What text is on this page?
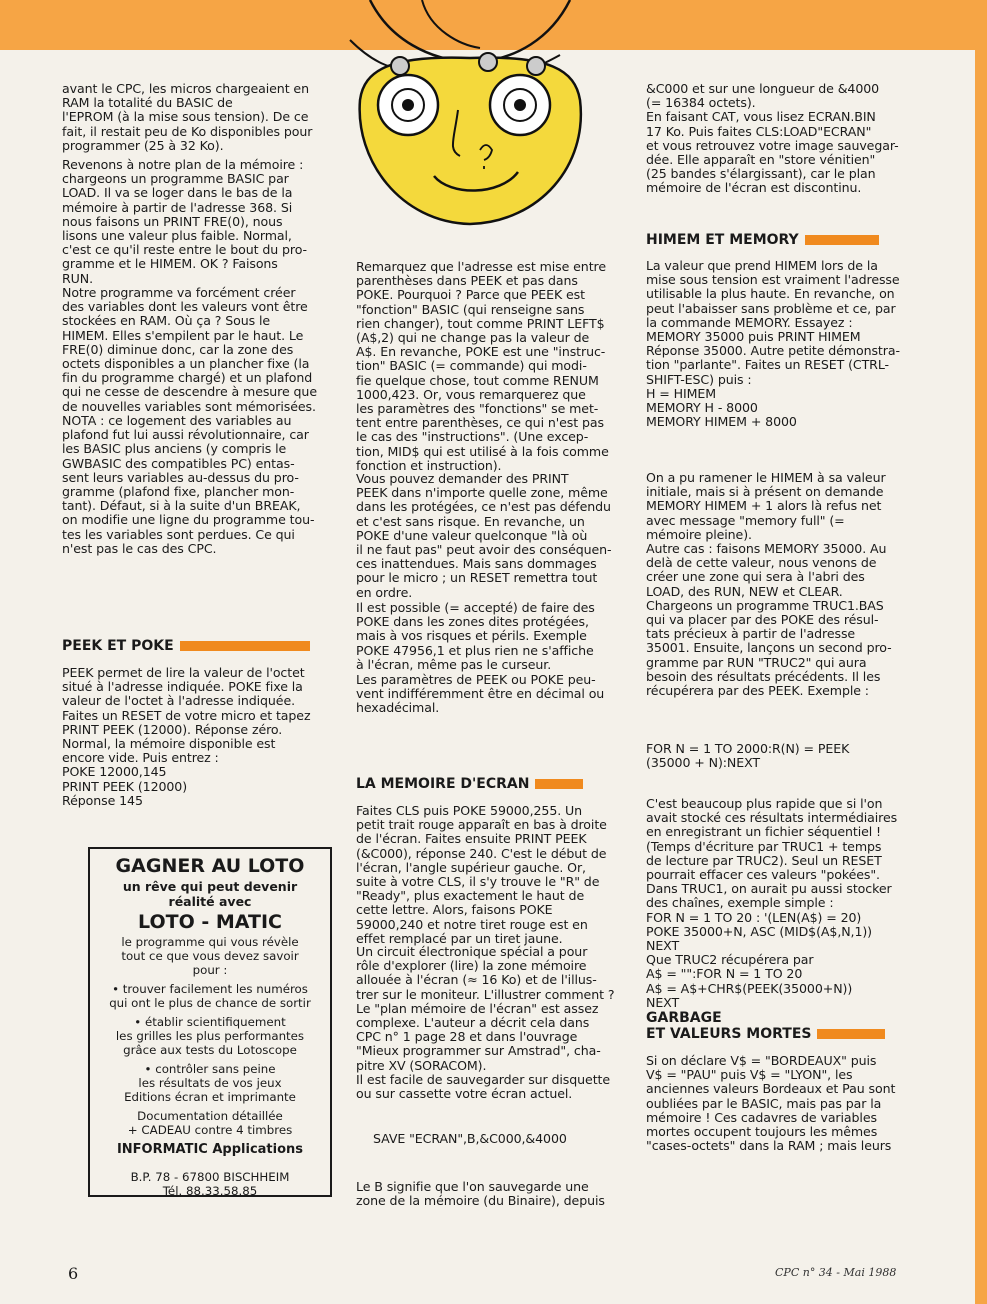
avant le CPC, les micros chargeaient en
RAM la totalité du BASIC de
l'EPROM (à la mise sous tension). De ce
fait, il restait peu de Ko disponibles pour
programmer (25 à 32 Ko).

Revenons à notre plan de la mémoire :
chargeons un programme BASIC par
LOAD. Il va se loger dans le bas de la
mémoire à partir de l'adresse 368. Si
nous faisons un PRINT FRE(0), nous
lisons une valeur plus faible. Normal,
c'est ce qu'il reste entre le bout du pro-
gramme et le HIMEM. OK ? Faisons
RUN.

Notre programme va forcément créer
des variables dont les valeurs vont être
stockées en RAM. Où ça ? Sous le
HIMEM. Elles s'empilent par le haut. Le
FRE(0) diminue donc, car la zone des
octets disponibles a un plancher fixe (la
fin du programme chargé) et un plafond
qui ne cesse de descendre à mesure que
de nouvelles variables sont mémorisées.

NOTA : ce logement des variables au
plafond fut lui aussi révolutionnaire, car
les BASIC plus anciens (y compris le
GWBASIC des compatibles PC) entas-
sent leurs variables au-dessus du pro-
gramme (plafond fixe, plancher mon-
tant). Défaut, si à la suite d'un BREAK,
on modifie une ligne du programme tou-
tes les variables sont perdues. Ce qui
n'est pas le cas des CPC.

PEEK ET POKE

PEEK permet de lire la valeur de l'octet
situé à l'adresse indiquée. POKE fixe la
valeur de l'octet à l'adresse indiquée.
Faites un RESET de votre micro et tapez
PRINT PEEK (12000). Réponse zéro.
Normal, la mémoire disponible est
encore vide. Puis entrez :
POKE 12000,145
PRINT PEEK (12000)
Réponse 145

GAGNER AU LOTO

un rêve qui peut devenir
réalité avec

LOTO - MATIC

le programme qui vous révèle
tout ce que vous devez savoir
pour :

• trouver facilement les numéros
qui ont le plus de chance de sortir

• établir scientifiquement
les grilles les plus performantes
grâce aux tests du Lotoscope

• contrôler sans peine
les résultats de vos jeux
Editions écran et imprimante

Documentation détaillée
+ CADEAU contre 4 timbres

INFORMATIC Applications

B.P. 78 - 67800 BISCHHEIM
Tél. 88.33.58.85

Remarquez que l'adresse est mise entre
parenthèses dans PEEK et pas dans
POKE. Pourquoi ? Parce que PEEK est
"fonction" BASIC (qui renseigne sans
rien changer), tout comme PRINT LEFT$
(A$,2) qui ne change pas la valeur de
A$. En revanche, POKE est une "instruc-
tion" BASIC (= commande) qui modi-
fie quelque chose, tout comme RENUM
1000,423. Or, vous remarquerez que
les paramètres des "fonctions" se met-
tent entre parenthèses, ce qui n'est pas
le cas des "instructions". (Une excep-
tion, MID$ qui est utilisé à la fois comme
fonction et instruction).

Vous pouvez demander des PRINT
PEEK dans n'importe quelle zone, même
dans les protégées, ce n'est pas défendu
et c'est sans risque. En revanche, un
POKE d'une valeur quelconque "là où
il ne faut pas" peut avoir des conséquen-
ces inattendues. Mais sans dommages
pour le micro ; un RESET remettra tout
en ordre.

Il est possible (= accepté) de faire des
POKE dans les zones dites protégées,
mais à vos risques et périls. Exemple
POKE 47956,1 et plus rien ne s'affiche
à l'écran, même pas le curseur.

Les paramètres de PEEK ou POKE peu-
vent indifféremment être en décimal ou
hexadécimal.

LA MEMOIRE D'ECRAN

Faites CLS puis POKE 59000,255. Un
petit trait rouge apparaît en bas à droite
de l'écran. Faites ensuite PRINT PEEK
(&C000), réponse 240. C'est le début de
l'écran, l'angle supérieur gauche. Or,
suite à votre CLS, il s'y trouve le "R" de
"Ready", plus exactement le haut de
cette lettre. Alors, faisons POKE
59000,240 et notre tiret rouge est en
effet remplacé par un tiret jaune.

Un circuit électronique spécial a pour
rôle d'explorer (lire) la zone mémoire
allouée à l'écran (≈ 16 Ko) et de l'illus-
trer sur le moniteur. L'illustrer comment ?
Le "plan mémoire de l'écran" est assez
complexe. L'auteur a décrit cela dans
CPC n° 1 page 28 et dans l'ouvrage
"Mieux programmer sur Amstrad", cha-
pitre XV (SORACOM).

Il est facile de sauvegarder sur disquette
ou sur cassette votre écran actuel.

SAVE "ECRAN",B,&C000,&4000

Le B signifie que l'on sauvegarde une
zone de la mémoire (du Binaire), depuis

&C000 et sur une longueur de &4000
(= 16384 octets).
En faisant CAT, vous lisez ECRAN.BIN
17 Ko. Puis faites CLS:LOAD"ECRAN"
et vous retrouvez votre image sauvegar-
dée. Elle apparaît en "store vénitien"
(25 bandes s'élargissant), car le plan
mémoire de l'écran est discontinu.

HIMEM ET MEMORY

La valeur que prend HIMEM lors de la
mise sous tension est vraiment l'adresse
utilisable la plus haute. En revanche, on
peut l'abaisser sans problème et ce, par
la commande MEMORY. Essayez :
MEMORY 35000 puis PRINT HIMEM
Réponse 35000. Autre petite démonstra-
tion "parlante". Faites un RESET (CTRL-
SHIFT-ESC) puis :
H = HIMEM
MEMORY H - 8000
MEMORY HIMEM + 8000

On a pu ramener le HIMEM à sa valeur
initiale, mais si à présent on demande
MEMORY HIMEM + 1 alors là refus net
avec message "memory full" (=
mémoire pleine).

Autre cas : faisons MEMORY 35000. Au
delà de cette valeur, nous venons de
créer une zone qui sera à l'abri des
LOAD, des RUN, NEW et CLEAR.
Chargeons un programme TRUC1.BAS
qui va placer par des POKE des résul-
tats précieux à partir de l'adresse
35001. Ensuite, lançons un second pro-
gramme par RUN "TRUC2" qui aura
besoin des résultats précédents. Il les
récupérera par des PEEK. Exemple :

FOR N = 1 TO 2000:R(N) = PEEK
(35000 + N):NEXT

C'est beaucoup plus rapide que si l'on
avait stocké ces résultats intermédiaires
en enregistrant un fichier séquentiel !
(Temps d'écriture par TRUC1 + temps
de lecture par TRUC2). Seul un RESET
pourrait effacer ces valeurs "pokées".
Dans TRUC1, on aurait pu aussi stocker
des chaînes, exemple simple :
FOR N = 1 TO 20 : '(LEN(A$) = 20)
POKE 35000+N, ASC (MID$(A$,N,1))
NEXT
Que TRUC2 récupérera par
A$ = "":FOR N = 1 TO 20
A$ = A$+CHR$(PEEK(35000+N))
NEXT

GARBAGE
ET VALEURS MORTES

Si on déclare V$ = "BORDEAUX" puis
V$ = "PAU" puis V$ = "LYON", les
anciennes valeurs Bordeaux et Pau sont
oubliées par le BASIC, mais pas par la
mémoire ! Ces cadavres de variables
mortes occupent toujours les mêmes
"cases-octets" dans la RAM ; mais leurs

6	CPC n° 34 - Mai 1988
